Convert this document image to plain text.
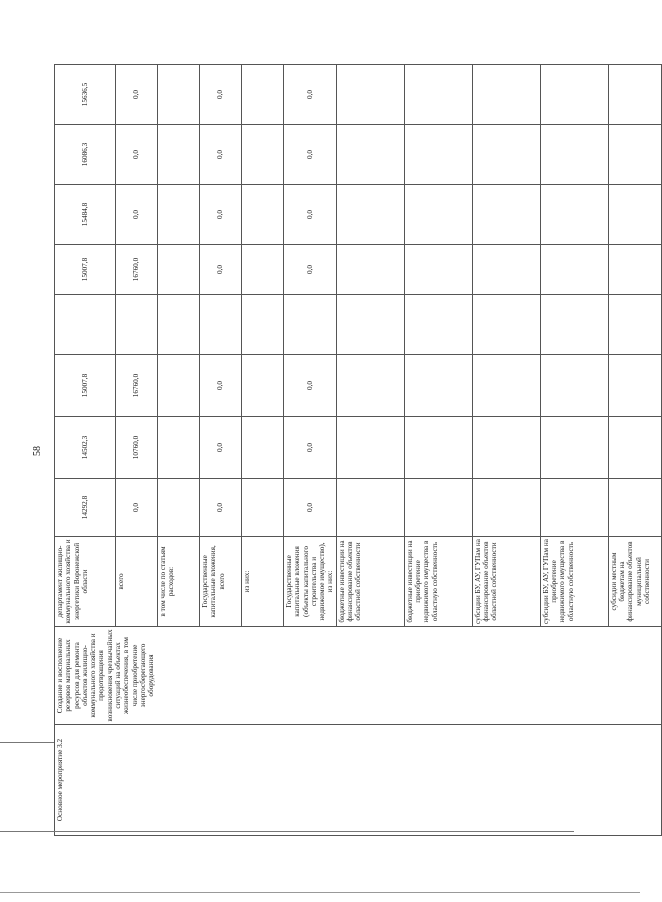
58
Основное мероприятие 3.2	Создание и восполнение резервов материальных ресурсов для ремонта объектов жилищно-коммунального хозяйства и предотвращения возникновения чрезвычайных ситуаций на объектах жизнеобеспечения, в том числе приобретение энергосберегающего оборудования	департамент жилищно-коммунального хозяйства и энергетики Воронежской области	14292,8	14502,3	15007,8		15007,8	15484,8	16086,3	15636,5	
		всего	0,0	10760,0	16760,0		16760,0	0,0	0,0	0,0	
		в том числе по статьям расходов:									
		Государственные капитальные вложения, всего	0,0	0,0	0,0		0,0	0,0	0,0	0,0	
		из них:									
		Государственные капитальные вложения (объекты капитального строительства и недвижимое имущество), из них:	0,0	0,0	0,0		0,0	0,0	0,0	0,0	
		бюджетные инвестиции на финансирование объектов областной собственности									
		бюджетные инвестиции на приобретение недвижимого имущества в областную собственность									
		субсидии БУ, АУ, ГУПам на финансирование объектов областной собственности									
		субсидии БУ, АУ, ГУПам на приобретение недвижимого имущества в областную собственность									
		субсидии местным бюджетам на финансирование объектов муниципальной собственности									
